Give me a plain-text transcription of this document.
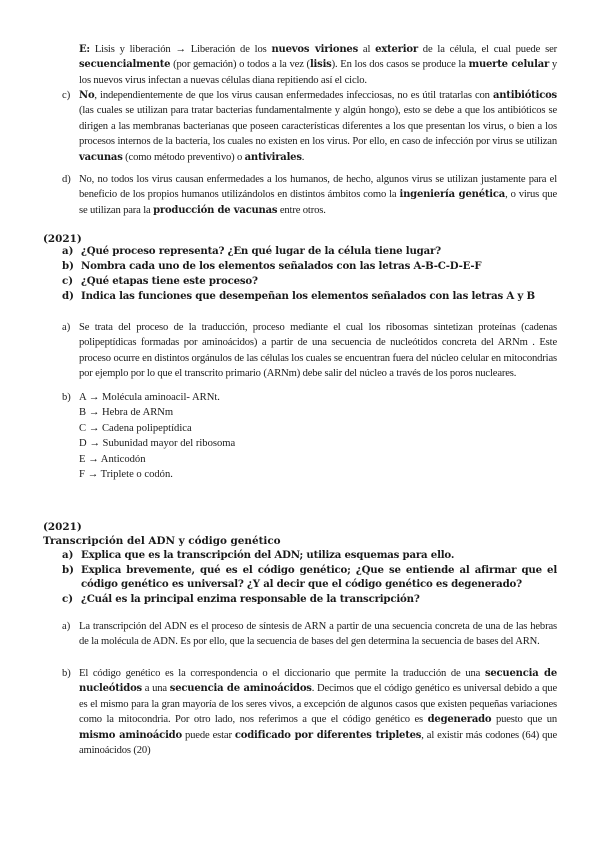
E: Lisis y liberación → Liberación de los nuevos viriones al exterior de la célula, el cual puede ser secuencialmente (por gemación) o todos a la vez (lisis). En los dos casos se produce la muerte celular y los nuevos virus infectan a nuevas células diana repitiendo así el ciclo.

c) No, independientemente de que los virus causan enfermedades infecciosas, no es útil tratarlas con antibióticos (las cuales se utilizan para tratar bacterias fundamentalmente y algún hongo), esto se debe a que los antibióticos se dirigen a las membranas bacterianas que poseen características diferentes a los que presentan los virus, o bien a los procesos internos de la bacteria, los cuales no existen en los virus. Por ello, en caso de infección por virus se utilizan vacunas (como método preventivo) o antivirales.

d) No, no todos los virus causan enfermedades a los humanos, de hecho, algunos virus se utilizan justamente para el beneficio de los propios humanos utilizándolos en distintos ámbitos como la ingeniería genética, o virus que se utilizan para la producción de vacunas entre otros.

(2021)
a) ¿Qué proceso representa? ¿En qué lugar de la célula tiene lugar?
b) Nombra cada uno de los elementos señalados con las letras A-B-C-D-E-F
c) ¿Qué etapas tiene este proceso?
d) Indica las funciones que desempeñan los elementos señalados con las letras A y B
a) Se trata del proceso de la traducción, proceso mediante el cual los ribosomas sintetizan proteínas (cadenas polipeptídicas formadas por aminoácidos) a partir de una secuencia de nucleótidos concreta del ARNm . Este proceso ocurre en distintos orgánulos de las células los cuales se encuentran fuera del núcleo celular en mitocondrias por ejemplo por lo que el transcrito primario (ARNm) debe salir del núcleo a través de los poros nucleares.

b) A → Molécula aminoacil- ARNt.
B → Hebra de ARNm
C → Cadena polipeptídica
D → Subunidad mayor del ribosoma
E → Anticodón
F → Triplete o codón.
(2021)
Transcripción del ADN y código genético
a) Explica que es la transcripción del ADN; utiliza esquemas para ello.
b) Explica brevemente, qué es el código genético; ¿Que se entiende al afirmar que el código genético es universal? ¿Y al decir que el código genético es degenerado?
c) ¿Cuál es la principal enzima responsable de la transcripción?
a) La transcripción del ADN es el proceso de síntesis de ARN a partir de una secuencia concreta de una de las hebras de la molécula de ADN. Es por ello, que la secuencia de bases del gen determina la secuencia de bases del ARN.

b) El código genético es la correspondencia o el diccionario que permite la traducción de una secuencia de nucleótidos a una secuencia de aminoácidos. Decimos que el código genético es universal debido a que es el mismo para la gran mayoría de los seres vivos, a excepción de algunos casos que existen pequeñas variaciones como la mitocondria. Por otro lado, nos referimos a que el código genético es degenerado puesto que un mismo aminoácido puede estar codificado por diferentes tripletes, al existir más codones (64) que aminoácidos (20)
